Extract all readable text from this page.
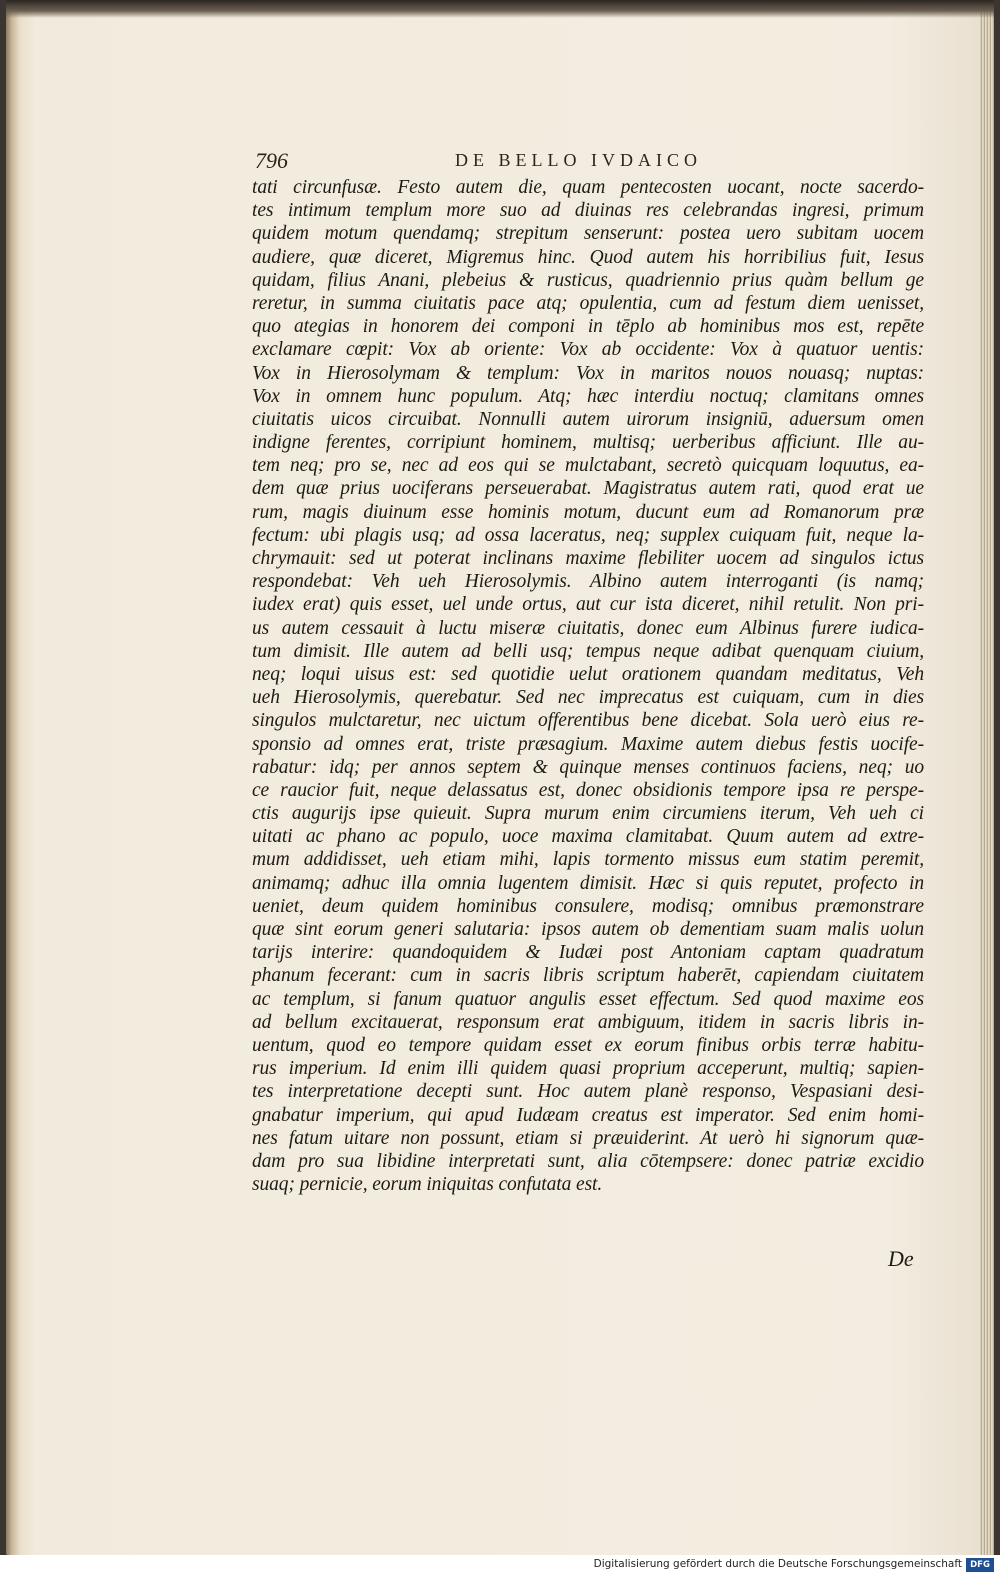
796	DE BELLO IVDAICO
tati circunfusæ. Festo autem die, quam pentecosten uocant, nocte sacerdo-
tes intimum templum more suo ad diuinas res celebrandas ingresi, primum
quidem motum quendamq; strepitum senserunt: postea uero subitam uocem
audiere, quæ diceret, Migremus hinc. Quod autem his horribilius fuit, Iesus
quidam, filius Anani, plebeius & rusticus, quadriennio prius quàm bellum ge
reretur, in summa ciuitatis pace atq; opulentia, cum ad festum diem uenisset,
quo ategias in honorem dei componi in tēplo ab hominibus mos est, repēte
exclamare cœpit: Vox ab oriente: Vox ab occidente: Vox à quatuor uentis:
Vox in Hierosolymam & templum: Vox in maritos nouos nouasq; nuptas:
Vox in omnem hunc populum. Atq; hæc interdiu noctuq; clamitans omnes
ciuitatis uicos circuibat. Nonnulli autem uirorum insigniū, aduersum omen
indigne ferentes, corripiunt hominem, multisq; uerberibus afficiunt. Ille au-
tem neq; pro se, nec ad eos qui se mulctabant, secretò quicquam loquutus, ea-
dem quæ prius uociferans perseuerabat. Magistratus autem rati, quod erat ue
rum, magis diuinum esse hominis motum, ducunt eum ad Romanorum præ
fectum: ubi plagis usq; ad ossa laceratus, neq; supplex cuiquam fuit, neque la-
chrymauit: sed ut poterat inclinans maxime flebiliter uocem ad singulos ictus
respondebat: Veh ueh Hierosolymis. Albino autem interroganti (is namq;
iudex erat) quis esset, uel unde ortus, aut cur ista diceret, nihil retulit. Non pri-
us autem cessauit à luctu miseræ ciuitatis, donec eum Albinus furere iudica-
tum dimisit. Ille autem ad belli usq; tempus neque adibat quenquam ciuium,
neq; loqui uisus est: sed quotidie uelut orationem quandam meditatus, Veh
ueh Hierosolymis, querebatur. Sed nec imprecatus est cuiquam, cum in dies
singulos mulctaretur, nec uictum offerentibus bene dicebat. Sola uerò eius re-
sponsio ad omnes erat, triste præsagium. Maxime autem diebus festis uocife-
rabatur: idq; per annos septem & quinque menses continuos faciens, neq; uo
ce raucior fuit, neque delassatus est, donec obsidionis tempore ipsa re perspe-
ctis augurijs ipse quieuit. Supra murum enim circumiens iterum, Veh ueh ci
uitati ac phano ac populo, uoce maxima clamitabat. Quum autem ad extre-
mum addidisset, ueh etiam mihi, lapis tormento missus eum statim peremit,
animamq; adhuc illa omnia lugentem dimisit. Hæc si quis reputet, profecto in
ueniet, deum quidem hominibus consulere, modisq; omnibus præmonstrare
quæ sint eorum generi salutaria: ipsos autem ob dementiam suam malis uolun
tarijs interire: quandoquidem & Iudæi post Antoniam captam quadratum
phanum fecerant: cum in sacris libris scriptum haberēt, capiendam ciuitatem
ac templum, si fanum quatuor angulis esset effectum. Sed quod maxime eos
ad bellum excitauerat, responsum erat ambiguum, itidem in sacris libris in-
uentum, quod eo tempore quidam esset ex eorum finibus orbis terræ habitu-
rus imperium. Id enim illi quidem quasi proprium acceperunt, multiq; sapien-
tes interpretatione decepti sunt. Hoc autem planè responso, Vespasiani desi-
gnabatur imperium, qui apud Iudæam creatus est imperator. Sed enim homi-
nes fatum uitare non possunt, etiam si præuiderint. At uerò hi signorum quæ-
dam pro sua libidine interpretati sunt, alia cōtempsere: donec patriæ excidio
suaq; pernicie, eorum iniquitas confutata est.
De
Digitalisierung gefördert durch die Deutsche Forschungsgemeinschaft DFG
